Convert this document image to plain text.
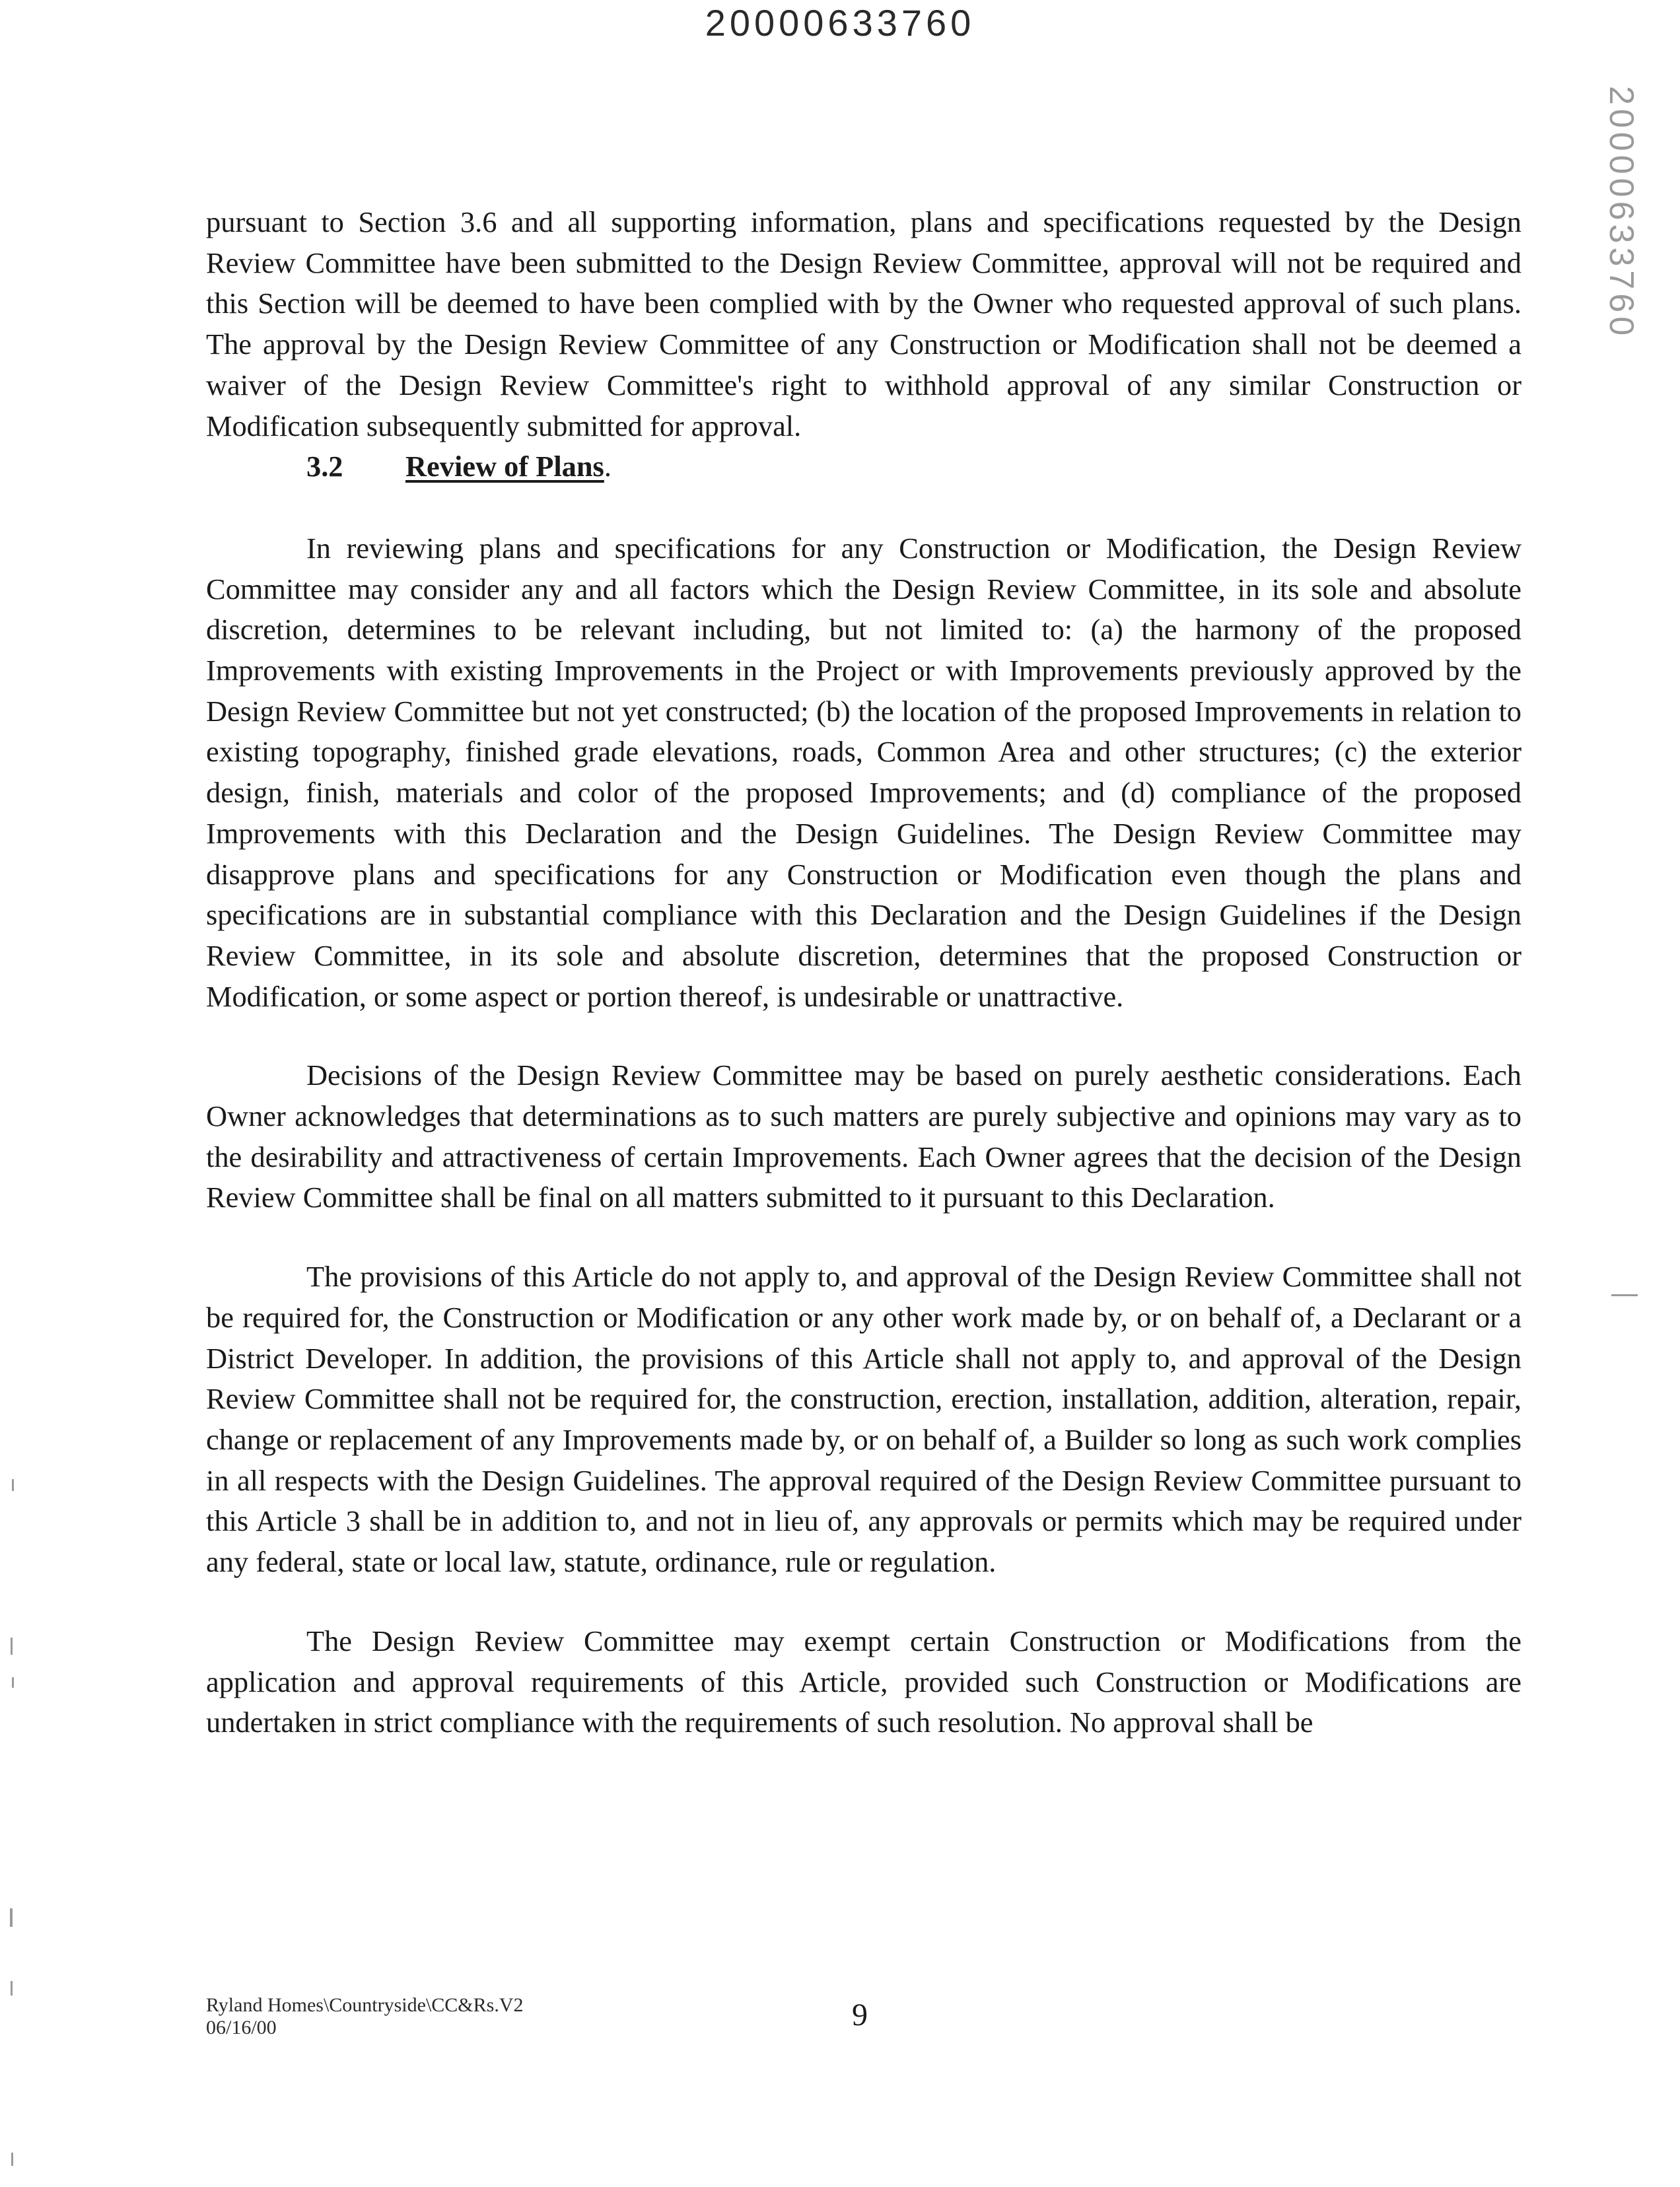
20000633760
20000633760

pursuant to Section 3.6 and all supporting information, plans and specifications requested by the Design Review Committee have been submitted to the Design Review Committee, approval will not be required and this Section will be deemed to have been complied with by the Owner who requested approval of such plans. The approval by the Design Review Committee of any Construction or Modification shall not be deemed a waiver of the Design Review Committee's right to withhold approval of any similar Construction or Modification subsequently submitted for approval.

3.2 Review of Plans.

In reviewing plans and specifications for any Construction or Modification, the Design Review Committee may consider any and all factors which the Design Review Committee, in its sole and absolute discretion, determines to be relevant including, but not limited to: (a) the harmony of the proposed Improvements with existing Improvements in the Project or with Improvements previously approved by the Design Review Committee but not yet constructed; (b) the location of the proposed Improvements in relation to existing topography, finished grade elevations, roads, Common Area and other structures; (c) the exterior design, finish, materials and color of the proposed Improvements; and (d) compliance of the proposed Improvements with this Declaration and the Design Guidelines. The Design Review Committee may disapprove plans and specifications for any Construction or Modification even though the plans and specifications are in substantial compliance with this Declaration and the Design Guidelines if the Design Review Committee, in its sole and absolute discretion, determines that the proposed Construction or Modification, or some aspect or portion thereof, is undesirable or unattractive.

Decisions of the Design Review Committee may be based on purely aesthetic considerations. Each Owner acknowledges that determinations as to such matters are purely subjective and opinions may vary as to the desirability and attractiveness of certain Improvements. Each Owner agrees that the decision of the Design Review Committee shall be final on all matters submitted to it pursuant to this Declaration.

The provisions of this Article do not apply to, and approval of the Design Review Committee shall not be required for, the Construction or Modification or any other work made by, or on behalf of, a Declarant or a District Developer. In addition, the provisions of this Article shall not apply to, and approval of the Design Review Committee shall not be required for, the construction, erection, installation, addition, alteration, repair, change or replacement of any Improvements made by, or on behalf of, a Builder so long as such work complies in all respects with the Design Guidelines. The approval required of the Design Review Committee pursuant to this Article 3 shall be in addition to, and not in lieu of, any approvals or permits which may be required under any federal, state or local law, statute, ordinance, rule or regulation.

The Design Review Committee may exempt certain Construction or Modifications from the application and approval requirements of this Article, provided such Construction or Modifications are undertaken in strict compliance with the requirements of such resolution. No approval shall be

Ryland Homes\Countryside\CC&Rs.V2
06/16/00	9
